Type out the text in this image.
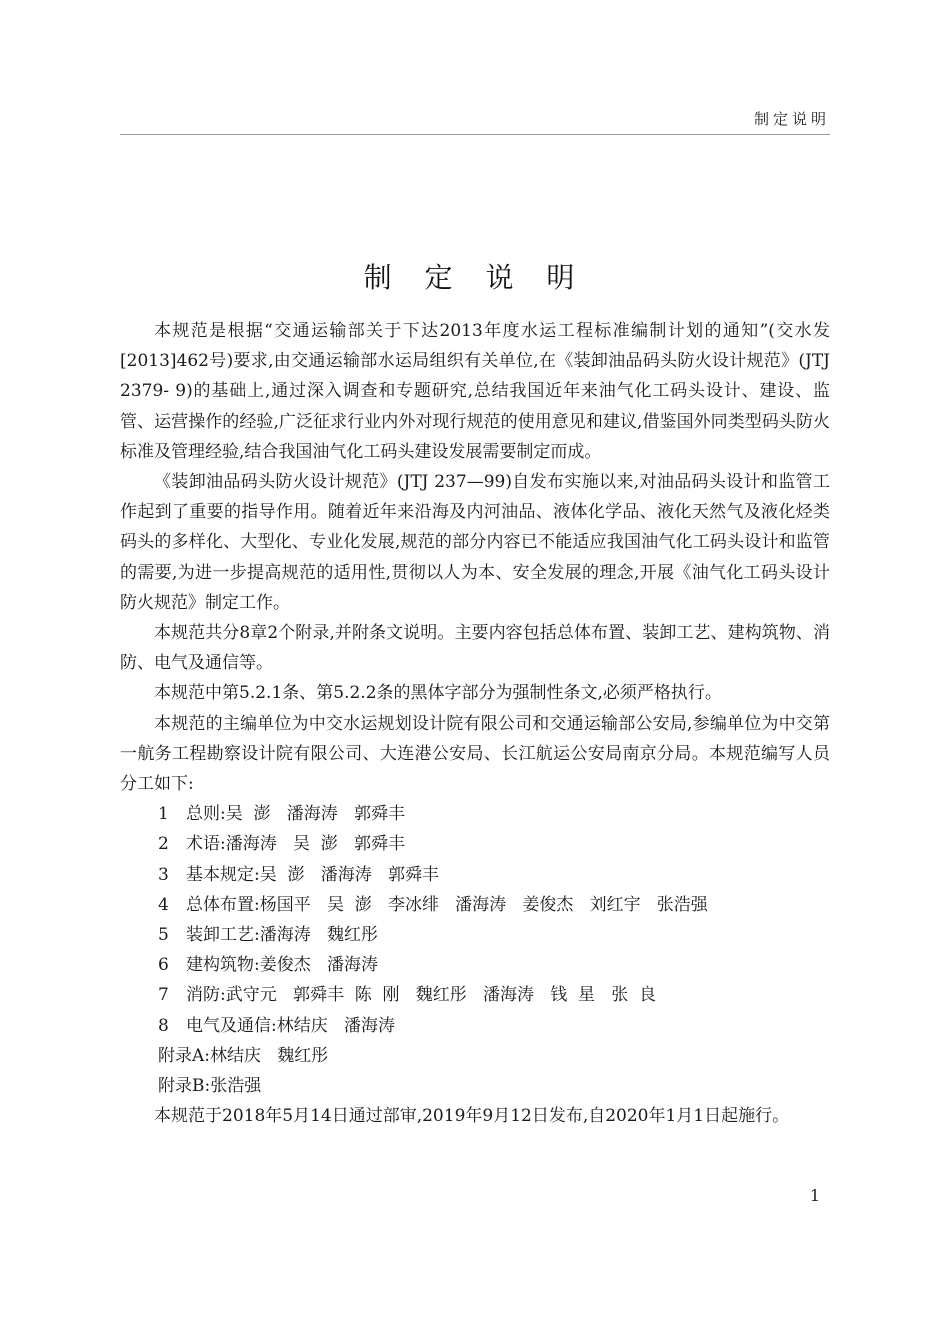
制定说明
制 定 说 明

本规范是根据“交通运输部关于下达2013年度水运工程标准编制计划的通知”(交水发[2013]462号)要求,由交通运输部水运局组织有关单位,在《装卸油品码头防火设计规范》(JTJ 2379- 9)的基础上,通过深入调查和专题研究,总结我国近年来油气化工码头设计、建设、监管、运营操作的经验,广泛征求行业内外对现行规范的使用意见和建议,借鉴国外同类型码头防火标准及管理经验,结合我国油气化工码头建设发展需要制定而成。

《装卸油品码头防火设计规范》(JTJ 237—99)自发布实施以来,对油品码头设计和监管工作起到了重要的指导作用。随着近年来沿海及内河油品、液体化学品、液化天然气及液化烃类码头的多样化、大型化、专业化发展,规范的部分内容已不能适应我国油气化工码头设计和监管的需要,为进一步提高规范的适用性,贯彻以人为本、安全发展的理念,开展《油气化工码头设计防火规范》制定工作。

本规范共分8章2个附录,并附条文说明。主要内容包括总体布置、装卸工艺、建构筑物、消防、电气及通信等。

本规范中第5.2.1条、第5.2.2条的黑体字部分为强制性条文,必须严格执行。

本规范的主编单位为中交水运规划设计院有限公司和交通运输部公安局,参编单位为中交第一航务工程勘察设计院有限公司、大连港公安局、长江航运公安局南京分局。本规范编写人员分工如下:

1 总则:吴  澎   潘海涛   郭舜丰

2 术语:潘海涛   吴  澎   郭舜丰

3 基本规定:吴  澎   潘海涛   郭舜丰

4 总体布置:杨国平   吴  澎   李冰绯   潘海涛   姜俊杰   刘红宇   张浩强

5 装卸工艺:潘海涛   魏红彤

6 建构筑物:姜俊杰   潘海涛

7 消防:武守元   郭舜丰  陈  刚   魏红彤   潘海涛   钱  星   张  良

8 电气及通信:林结庆   潘海涛

附录A:林结庆   魏红彤

附录B:张浩强

本规范于2018年5月14日通过部审,2019年9月12日发布,自2020年1月1日起施行。

1
